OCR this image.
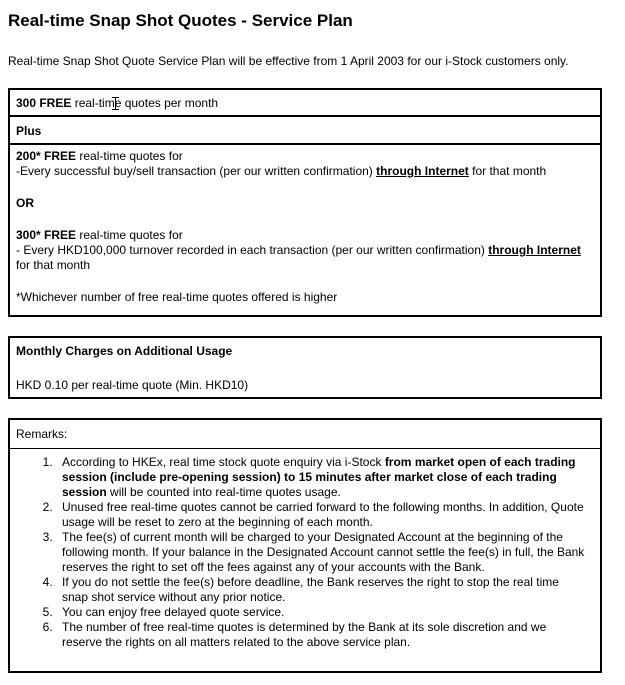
Real-time Snap Shot Quotes - Service Plan
Real-time Snap Shot Quote Service Plan will be effective from 1 April 2003 for our i-Stock customers only.
300 FREE real-tim
e quotes per month
Plus

200* FREE real-time quotes for

-Every successful buy/sell transaction (per our written confirmation) through Internet for that month

OR

300* FREE real-time quotes for

- Every HKD100,000 turnover recorded in each transaction (per our written confirmation) through Internet

for that month

*Whichever number of free real-time quotes offered is higher

Monthly Charges on Additional Usage
HKD 0.10 per real-time quote (Min. HKD10)
Remarks:
1. According to HKEx, real time stock quote enquiry via i-Stock from market open of each trading session (include pre-opening session) to 15 minutes after market close of each trading session will be counted into real-time quotes usage.
2. Unused free real-time quotes cannot be carried forward to the following months. In addition, Quote usage will be reset to zero at the beginning of each month.
3. The fee(s) of current month will be charged to your Designated Account at the beginning of the following month. If your balance in the Designated Account cannot settle the fee(s) in full, the Bank reserves the right to set off the fees against any of your accounts with the Bank.
4. If you do not settle the fee(s) before deadline, the Bank reserves the right to stop the real time snap shot service without any prior notice.
5. You can enjoy free delayed quote service.
6. The number of free real-time quotes is determined by the Bank at its sole discretion and we reserve the rights on all matters related to the above service plan.
